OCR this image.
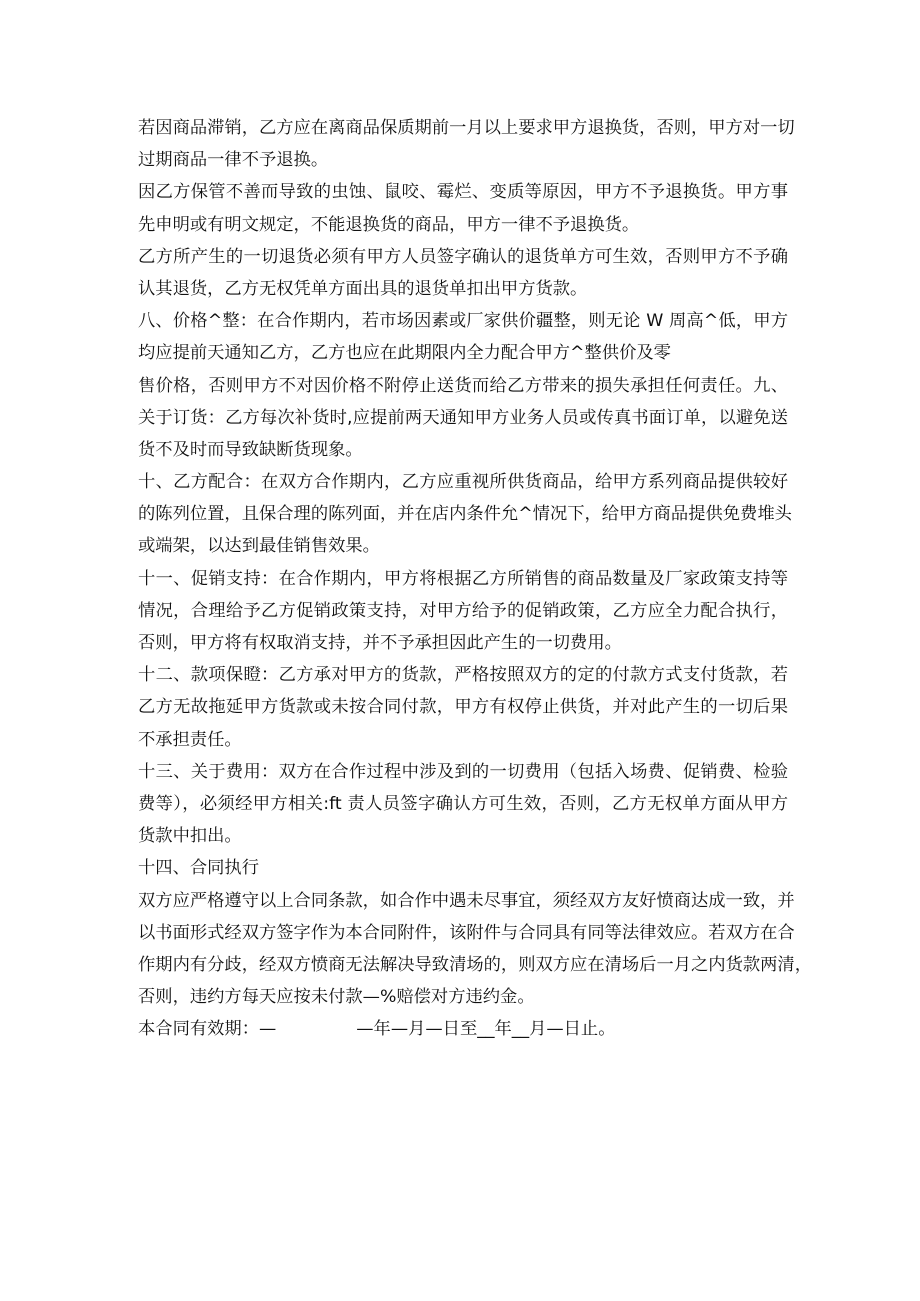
若因商品滞销，乙方应在离商品保质期前一月以上要求甲方退换货，否则，甲方对一切
过期商品一律不予退换。
因乙方保管不善而导致的虫蚀、鼠咬、霉烂、变质等原因，甲方不予退换货。甲方事
先申明或有明文规定，不能退换货的商品，甲方一律不予退换货。
乙方所产生的一切退货必须有甲方人员签字确认的退货单方可生效，否则甲方不予确
认其退货，乙方无权凭单方面出具的退货单扣出甲方货款。
八、价格^整：在合作期内，若市场因素或厂家供价疆整，则无论 W 周高^低，甲方
均应提前天通知乙方，乙方也应在此期限内全力配合甲方^整供价及零
售价格，否则甲方不对因价格不附停止送货而给乙方带来的损失承担任何责任。九、
关于订货：乙方每次补货时,应提前两天通知甲方业务人员或传真书面订单，以避免送
货不及时而导致缺断货现象。
十、乙方配合：在双方合作期内，乙方应重视所供货商品，给甲方系列商品提供较好
的陈列位置，且保合理的陈列面，并在店内条件允^情况下，给甲方商品提供免费堆头
或端架，以达到最佳销售效果。
十一、促销支持：在合作期内，甲方将根据乙方所销售的商品数量及厂家政策支持等
情况，合理给予乙方促销政策支持，对甲方给予的促销政策，乙方应全力配合执行，
否则，甲方将有权取消支持，并不予承担因此产生的一切费用。
十二、款项保瞪：乙方承对甲方的货款，严格按照双方的定的付款方式支付货款，若
乙方无故拖延甲方货款或未按合同付款，甲方有权停止供货，并对此产生的一切后果
不承担责任。
十三、关于费用：双方在合作过程中涉及到的一切费用（包括入场费、促销费、检验
费等），必须经甲方相关:ft 责人员签字确认方可生效，否则，乙方无权单方面从甲方
货款中扣出。
十四、合同执行
双方应严格遵守以上合同条款，如合作中遇未尽事宜，须经双方友好愤商达成一致，并
以书面形式经双方签字作为本合同附件，该附件与合同具有同等法律效应。若双方在合
作期内有分歧，经双方愤商无法解决导致清场的，则双方应在清场后一月之内货款两清，
否则，违约方每天应按未付款—%赔偿对方违约金。
本合同有效期：—	—年—月—日至__年__月—日止。
